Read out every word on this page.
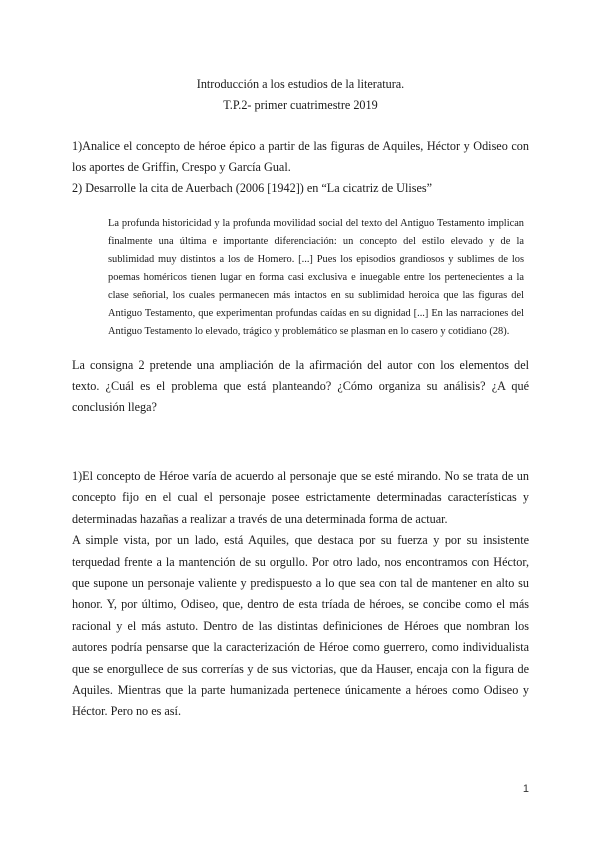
Introducción a los estudios de la literatura.
T.P.2- primer cuatrimestre 2019

1)Analice el concepto de héroe épico a partir de las figuras de Aquiles, Héctor y Odiseo con los aportes de Griffin, Crespo y García Gual.

2) Desarrolle la cita de Auerbach (2006 [1942]) en “La cicatriz de Ulises”

La profunda historicidad y la profunda movilidad social del texto del Antiguo Testamento implican finalmente una última e importante diferenciación: un concepto del estilo elevado y de la sublimidad muy distintos a los de Homero. [...] Pues los episodios grandiosos y sublimes de los poemas homéricos tienen lugar en forma casi exclusiva e inuegable entre los pertenecientes a la clase señorial, los cuales permanecen más intactos en su sublimidad heroica que las figuras del Antiguo Testamento, que experimentan profundas caídas en su dignidad [...] En las narraciones del Antiguo Testamento lo elevado, trágico y problemático se plasman en lo casero y cotidiano (28).

La consigna 2 pretende una ampliación de la afirmación del autor con los elementos del texto. ¿Cuál es el problema que está planteando? ¿Cómo organiza su análisis? ¿A qué conclusión llega?

1)El concepto de Héroe varía de acuerdo al personaje que se esté mirando. No se trata de un concepto fijo en el cual el personaje posee estrictamente determinadas características y determinadas hazañas a realizar a través de una determinada forma de actuar.

A simple vista, por un lado, está Aquiles, que destaca por su fuerza y por su insistente terquedad frente a la mantención de su orgullo. Por otro lado, nos encontramos con Héctor, que supone un personaje valiente y predispuesto a lo que sea con tal de mantener en alto su honor. Y, por último, Odiseo, que, dentro de esta tríada de héroes, se concibe como el más racional y el más astuto. Dentro de las distintas definiciones de Héroes que nombran los autores podría pensarse que la caracterización de Héroe como guerrero, como individualista que se enorgullece de sus correrías y de sus victorias, que da Hauser, encaja con la figura de Aquiles. Mientras que la parte humanizada pertenece únicamente a héroes como Odiseo y Héctor. Pero no es así.

1
